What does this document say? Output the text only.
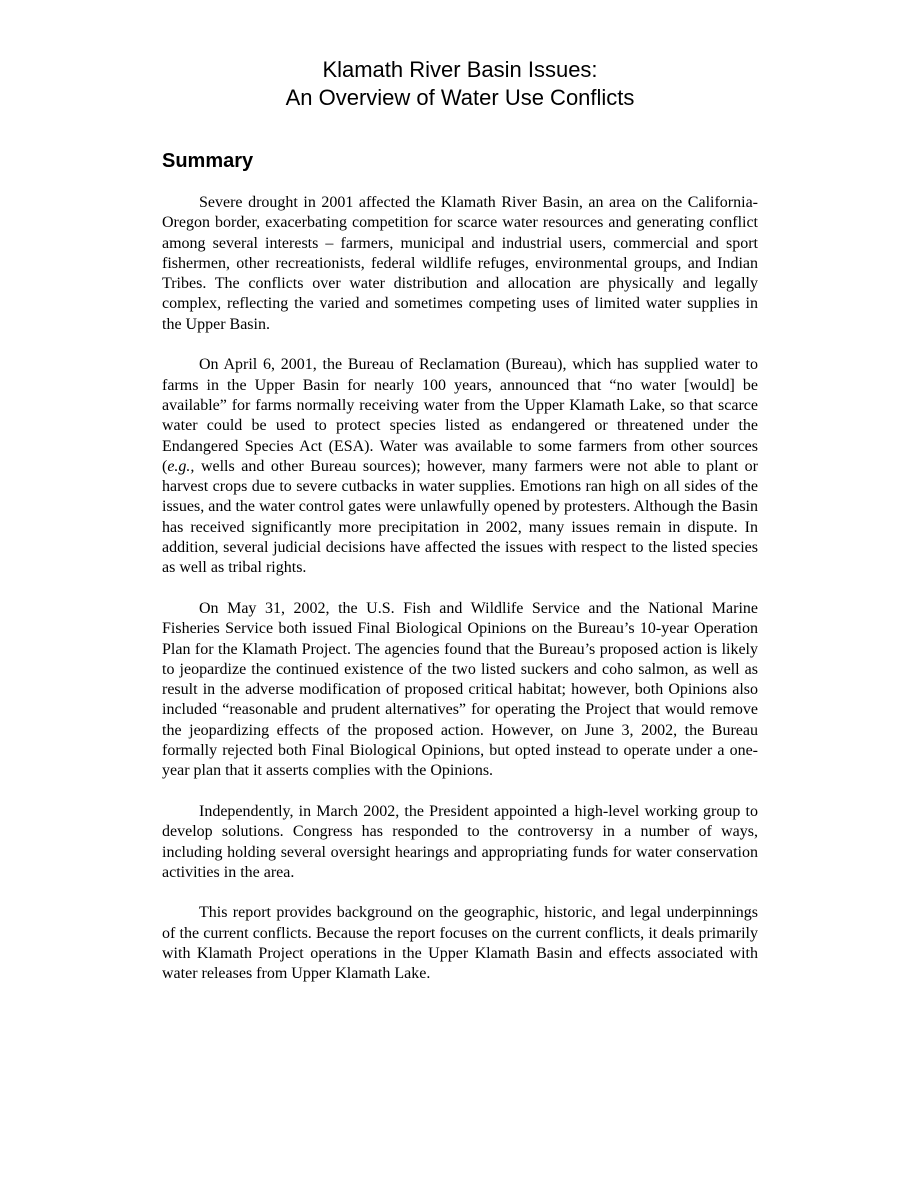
Klamath River Basin Issues:
An Overview of Water Use Conflicts
Summary

Severe drought in 2001 affected the Klamath River Basin, an area on the California-Oregon border, exacerbating competition for scarce water resources and generating conflict among several interests – farmers, municipal and industrial users, commercial and sport fishermen, other recreationists, federal wildlife refuges, environmental groups, and Indian Tribes. The conflicts over water distribution and allocation are physically and legally complex, reflecting the varied and sometimes competing uses of limited water supplies in the Upper Basin.

On April 6, 2001, the Bureau of Reclamation (Bureau), which has supplied water to farms in the Upper Basin for nearly 100 years, announced that “no water [would] be available” for farms normally receiving water from the Upper Klamath Lake, so that scarce water could be used to protect species listed as endangered or threatened under the Endangered Species Act (ESA). Water was available to some farmers from other sources (e.g., wells and other Bureau sources); however, many farmers were not able to plant or harvest crops due to severe cutbacks in water supplies. Emotions ran high on all sides of the issues, and the water control gates were unlawfully opened by protesters. Although the Basin has received significantly more precipitation in 2002, many issues remain in dispute. In addition, several judicial decisions have affected the issues with respect to the listed species as well as tribal rights.

On May 31, 2002, the U.S. Fish and Wildlife Service and the National Marine Fisheries Service both issued Final Biological Opinions on the Bureau’s 10-year Operation Plan for the Klamath Project. The agencies found that the Bureau’s proposed action is likely to jeopardize the continued existence of the two listed suckers and coho salmon, as well as result in the adverse modification of proposed critical habitat; however, both Opinions also included “reasonable and prudent alternatives” for operating the Project that would remove the jeopardizing effects of the proposed action. However, on June 3, 2002, the Bureau formally rejected both Final Biological Opinions, but opted instead to operate under a one-year plan that it asserts complies with the Opinions.

Independently, in March 2002, the President appointed a high-level working group to develop solutions. Congress has responded to the controversy in a number of ways, including holding several oversight hearings and appropriating funds for water conservation activities in the area.

This report provides background on the geographic, historic, and legal underpinnings of the current conflicts. Because the report focuses on the current conflicts, it deals primarily with Klamath Project operations in the Upper Klamath Basin and effects associated with water releases from Upper Klamath Lake.
